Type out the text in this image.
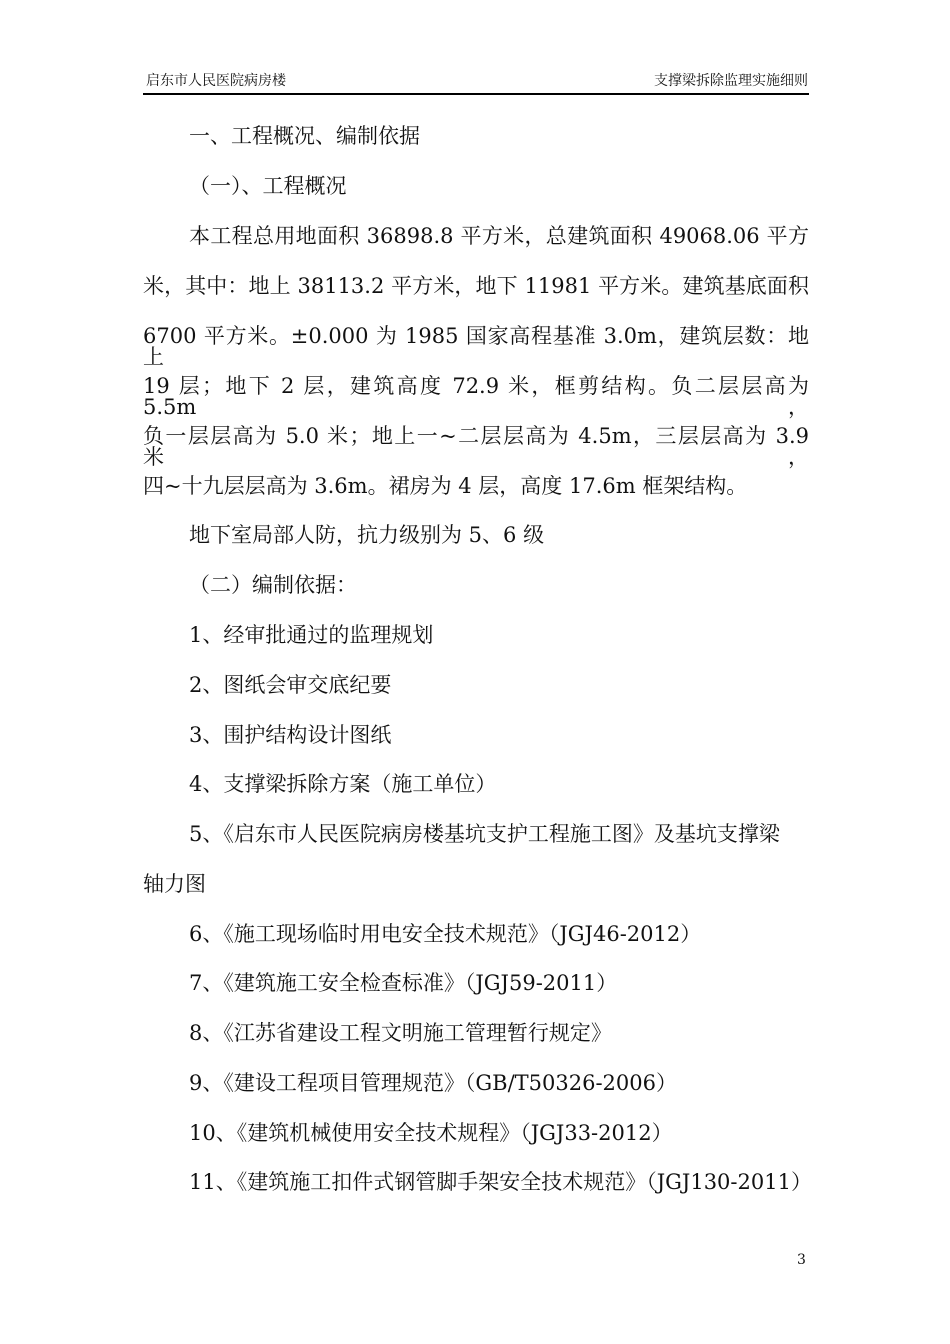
启东市人民医院病房楼	支撑梁拆除监理实施细则
一、工程概况、编制依据
（一）、工程概况
本工程总用地面积 36898.8 平方米，总建筑面积 49068.06 平方
米，其中：地上 38113.2 平方米，地下 11981 平方米。建筑基底面积
6700 平方米。±0.000 为 1985 国家高程基准 3.0m，建筑层数：地上
19 层；地下 2 层，建筑高度 72.9 米，框剪结构。负二层层高为 5.5m，
负一层层高为 5.0 米；地上一~二层层高为 4.5m，三层层高为 3.9 米，
四~十九层层高为 3.6m。裙房为 4 层，高度 17.6m 框架结构。
地下室局部人防，抗力级别为 5、6 级
（二）编制依据：
1、经审批通过的监理规划
2、图纸会审交底纪要
3、围护结构设计图纸
4、支撑梁拆除方案（施工单位）
5、《启东市人民医院病房楼基坑支护工程施工图》及基坑支撑梁
轴力图
6、《施工现场临时用电安全技术规范》（JGJ46-2012）
7、《建筑施工安全检查标准》（JGJ59-2011）
8、《江苏省建设工程文明施工管理暂行规定》
9、《建设工程项目管理规范》（GB/T50326-2006）
10、《建筑机械使用安全技术规程》（JGJ33-2012）
11、《建筑施工扣件式钢管脚手架安全技术规范》（JGJ130-2011）
3
